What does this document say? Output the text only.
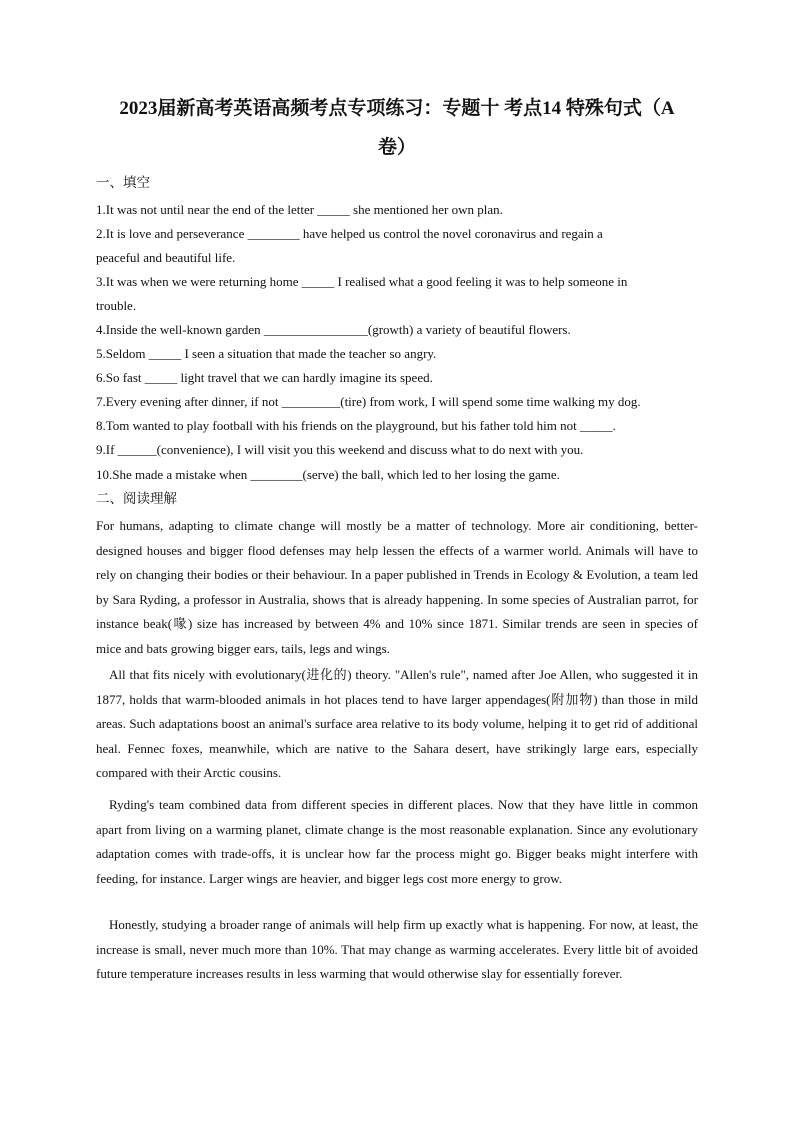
2023届新高考英语高频考点专项练习：专题十 考点14 特殊句式（A
卷）
一、填空
1.It was not until near the end of the letter _____ she mentioned her own plan.
2.It is love and perseverance ________ have helped us control the novel coronavirus and regain a
peaceful and beautiful life.
3.It was when we were returning home _____ I realised what a good feeling it was to help someone in
trouble.
4.Inside the well-known garden ________________(growth) a variety of beautiful flowers.
5.Seldom _____ I seen a situation that made the teacher so angry.
6.So fast _____ light travel that we can hardly imagine its speed.
7.Every evening after dinner, if not _________(tire) from work, I will spend some time walking my dog.
8.Tom wanted to play football with his friends on the playground, but his father told him not _____.
9.If ______(convenience), I will visit you this weekend and discuss what to do next with you.
10.She made a mistake when ________(serve) the ball, which led to her losing the game.
二、阅读理解

For humans, adapting to climate change will mostly be a matter of technology. More air conditioning, better-designed houses and bigger flood defenses may help lessen the effects of a warmer world. Animals will have to rely on changing their bodies or their behaviour. In a paper published in Trends in Ecology & Evolution, a team led by Sara Ryding, a professor in Australia, shows that is already happening. In some species of Australian parrot, for instance beak(喙) size has increased by between 4% and 10% since 1871. Similar trends are seen in species of mice and bats growing bigger ears, tails, legs and wings.

All that fits nicely with evolutionary(进化的) theory. "Allen's rule", named after Joe Allen, who suggested it in 1877, holds that warm-blooded animals in hot places tend to have larger appendages(附加物) than those in mild areas. Such adaptations boost an animal's surface area relative to its body volume, helping it to get rid of additional heal. Fennec foxes, meanwhile, which are native to the Sahara desert, have strikingly large ears, especially compared with their Arctic cousins.

Ryding's team combined data from different species in different places. Now that they have little in common apart from living on a warming planet, climate change is the most reasonable explanation. Since any evolutionary adaptation comes with trade-offs, it is unclear how far the process might go. Bigger beaks might interfere with feeding, for instance. Larger wings are heavier, and bigger legs cost more energy to grow.

Honestly, studying a broader range of animals will help firm up exactly what is happening. For now, at least, the increase is small, never much more than 10%. That may change as warming accelerates. Every little bit of avoided future temperature increases results in less warming that would otherwise slay for essentially forever.
